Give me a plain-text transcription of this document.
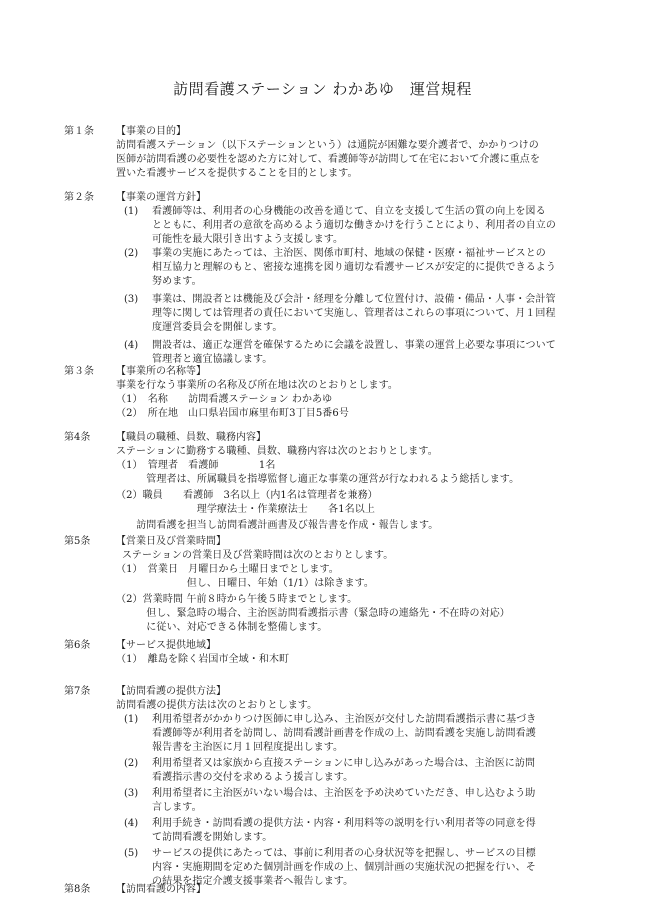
訪問看護ステーション わかあゆ　運営規程
第１条 【事業の目的】
訪問看護ステーション（以下ステーションという）は通院が困難な要介護者で、かかりつけの
医師が訪問看護の必要性を認めた方に対して、看護師等が訪問して在宅において介護に重点を
置いた看護サービスを提供することを目的とします。
第２条 【事業の運営方針】
(1) 看護師等は、利用者の心身機能の改善を通じて、自立を支援して生活の質の向上を図る
とともに、利用者の意欲を高めるよう適切な働きかけを行うことにより、利用者の自立の
可能性を最大限引き出すよう支援します。
(2) 事業の実施にあたっては、主治医、関係市町村、地域の保健・医療・福祉サービスとの
相互協力と理解のもと、密接な連携を図り適切な看護サービスが安定的に提供できるよう
努めます。
(3) 事業は、開設者とは機能及び会計・経理を分離して位置付け、設備・備品・人事・会計管
理等に関しては管理者の責任において実施し、管理者はこれらの事項について、月１回程
度運営委員会を開催します。
(4) 開設者は、適正な運営を確保するために会議を設置し、事業の運営上必要な事項について
管理者と適宜協議します。
第３条 【事業所の名称等】
事業を行なう事業所の名称及び所在地は次のとおりとします。
（1）　名称　　訪問看護ステーション わかあゆ
（2）　所在地　山口県岩国市麻里布町3丁目5番6号
第4条	【職員の職種、員数、職務内容】
ステーションに勤務する職種、員数、職務内容は次のとおりとします。
（1）　管理者　看護師　　　　1名
　　　管理者は、所属職員を指導監督し適正な事業の運営が行なわれるよう総括します。
（2）職員　　看護師　3名以上（内1名は管理者を兼務）
　　　　　　　　理学療法士・作業療法士　　各1名以上
　　訪問看護を担当し訪問看護計画書及び報告書を作成・報告します。
第5条	【営業日及び営業時間】
ステーションの営業日及び営業時間は次のとおりとします。
（1）　営業日　月曜日から土曜日までとします。
　　　　　　　但し、日曜日、年始（1/1）は除きます。
（2）営業時間 午前８時から午後５時までとします。
　　　但し、緊急時の場合、主治医訪問看護指示書（緊急時の連絡先・不在時の対応）
　　　に従い、対応できる体制を整備します。
第6条	【サービス提供地域】
（1）　離島を除く岩国市全域・和木町
第7条	【訪問看護の提供方法】
訪問看護の提供方法は次のとおりとします。
(1) 利用希望者がかかりつけ医師に申し込み、主治医が交付した訪問看護指示書に基づき
看護師等が利用者を訪問し、訪問看護計画書を作成の上、訪問看護を実施し訪問看護
報告書を主治医に月１回程度提出します。
(2) 利用希望者又は家族から直接ステーションに申し込みがあった場合は、主治医に訪問
看護指示書の交付を求めるよう援言します。
(3) 利用希望者に主治医がいない場合は、主治医を予め決めていただき、申し込むよう助
言します。
(4) 利用手続き・訪問看護の提供方法・内容・利用料等の説明を行い利用者等の同意を得
て訪問看護を開始します。
(5) サービスの提供にあたっては、事前に利用者の心身状況等を把握し、サービスの目標
内容・実施期間を定めた個別計画を作成の上、個別計画の実施状況の把握を行い、そ
の結果を指定介護支援事業者へ報告します。
第8条	【訪問看護の内容】
